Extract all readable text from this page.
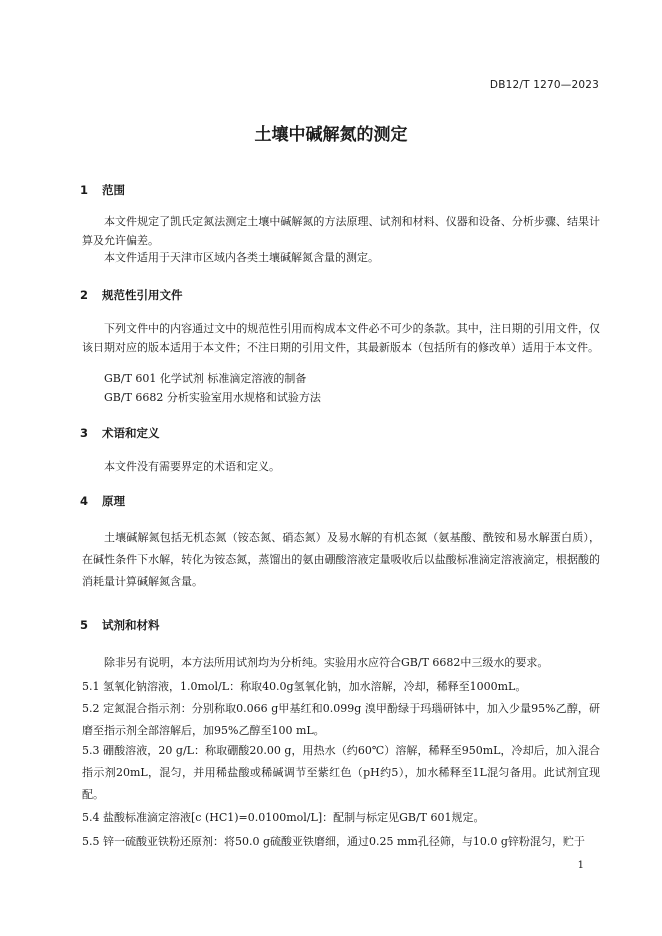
DB12/T 1270—2023
土壤中碱解氮的测定
1 范围
本文件规定了凯氏定氮法测定土壤中碱解氮的方法原理、试剂和材料、仪器和设备、分析步骤、结果计算及允许偏差。
本文件适用于天津市区域内各类土壤碱解氮含量的测定。
2 规范性引用文件
下列文件中的内容通过文中的规范性引用而构成本文件必不可少的条款。其中，注日期的引用文件，仅该日期对应的版本适用于本文件；不注日期的引用文件，其最新版本（包括所有的修改单）适用于本文件。
GB/T 601 化学试剂 标准滴定溶液的制备
GB/T 6682 分析实验室用水规格和试验方法
3 术语和定义
本文件没有需要界定的术语和定义。
4 原理
土壤碱解氮包括无机态氮（铵态氮、硝态氮）及易水解的有机态氮（氨基酸、酰铵和易水解蛋白质），在碱性条件下水解，转化为铵态氮，蒸馏出的氨由硼酸溶液定量吸收后以盐酸标准滴定溶液滴定，根据酸的消耗量计算碱解氮含量。
5 试剂和材料
除非另有说明，本方法所用试剂均为分析纯。实验用水应符合GB/T 6682中三级水的要求。
5.1 氢氧化钠溶液，1.0mol/L：称取40.0g氢氧化钠，加水溶解，冷却，稀释至1000mL。
5.2 定氮混合指示剂：分别称取0.066 g甲基红和0.099g 溴甲酚绿于玛瑙研钵中，加入少量95%乙醇，研磨至指示剂全部溶解后，加95%乙醇至100 mL。
5.3 硼酸溶液，20 g/L：称取硼酸20.00 g，用热水（约60℃）溶解，稀释至950mL，冷却后，加入混合指示剂20mL，混匀，并用稀盐酸或稀碱调节至紫红色（pH约5），加水稀释至1L混匀备用。此试剂宜现配。
5.4 盐酸标准滴定溶液[c (HC1)=0.0100mol/L]：配制与标定见GB/T 601规定。
5.5 锌一硫酸亚铁粉还原剂：将50.0 g硫酸亚铁磨细，通过0.25 mm孔径筛，与10.0 g锌粉混匀，贮于
1
